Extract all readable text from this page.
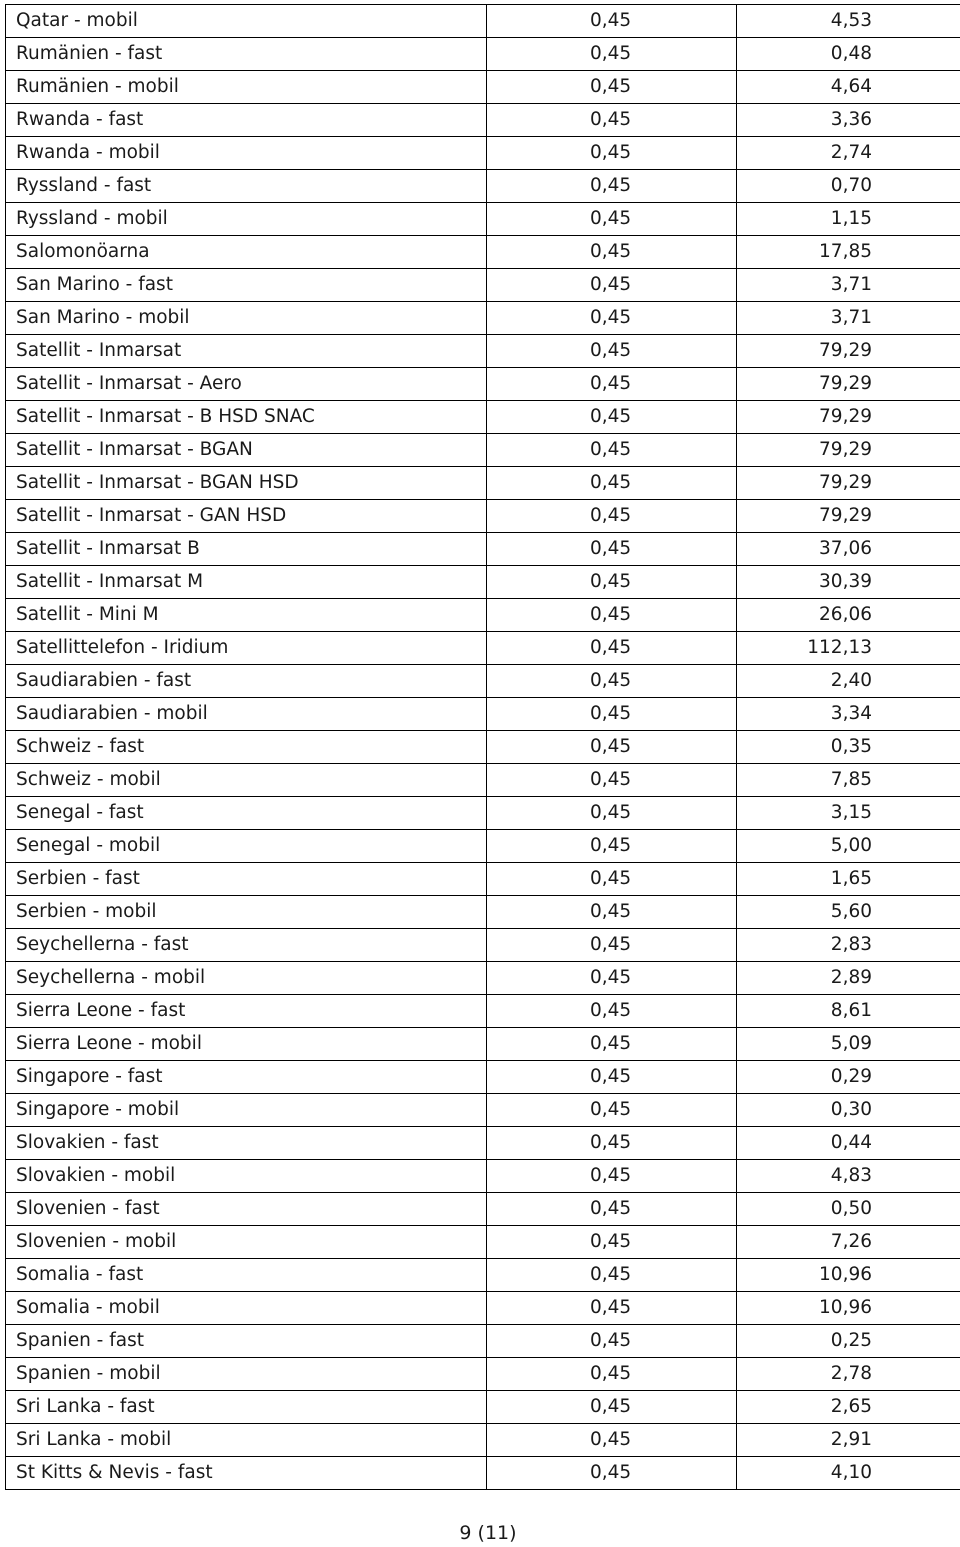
Qatar - mobil	0,45	4,53
Rumänien - fast	0,45	0,48
Rumänien - mobil	0,45	4,64
Rwanda - fast	0,45	3,36
Rwanda - mobil	0,45	2,74
Ryssland - fast	0,45	0,70
Ryssland - mobil	0,45	1,15
Salomonöarna	0,45	17,85
San Marino - fast	0,45	3,71
San Marino - mobil	0,45	3,71
Satellit - Inmarsat	0,45	79,29
Satellit - Inmarsat - Aero	0,45	79,29
Satellit - Inmarsat - B HSD SNAC	0,45	79,29
Satellit - Inmarsat - BGAN	0,45	79,29
Satellit - Inmarsat - BGAN HSD	0,45	79,29
Satellit - Inmarsat - GAN HSD	0,45	79,29
Satellit - Inmarsat B	0,45	37,06
Satellit - Inmarsat M	0,45	30,39
Satellit - Mini M	0,45	26,06
Satellittelefon - Iridium	0,45	112,13
Saudiarabien - fast	0,45	2,40
Saudiarabien - mobil	0,45	3,34
Schweiz - fast	0,45	0,35
Schweiz - mobil	0,45	7,85
Senegal - fast	0,45	3,15
Senegal - mobil	0,45	5,00
Serbien - fast	0,45	1,65
Serbien - mobil	0,45	5,60
Seychellerna - fast	0,45	2,83
Seychellerna - mobil	0,45	2,89
Sierra Leone - fast	0,45	8,61
Sierra Leone - mobil	0,45	5,09
Singapore - fast	0,45	0,29
Singapore - mobil	0,45	0,30
Slovakien - fast	0,45	0,44
Slovakien - mobil	0,45	4,83
Slovenien - fast	0,45	0,50
Slovenien - mobil	0,45	7,26
Somalia - fast	0,45	10,96
Somalia - mobil	0,45	10,96
Spanien - fast	0,45	0,25
Spanien - mobil	0,45	2,78
Sri Lanka - fast	0,45	2,65
Sri Lanka - mobil	0,45	2,91
St Kitts & Nevis - fast	0,45	4,10
9 (11)
